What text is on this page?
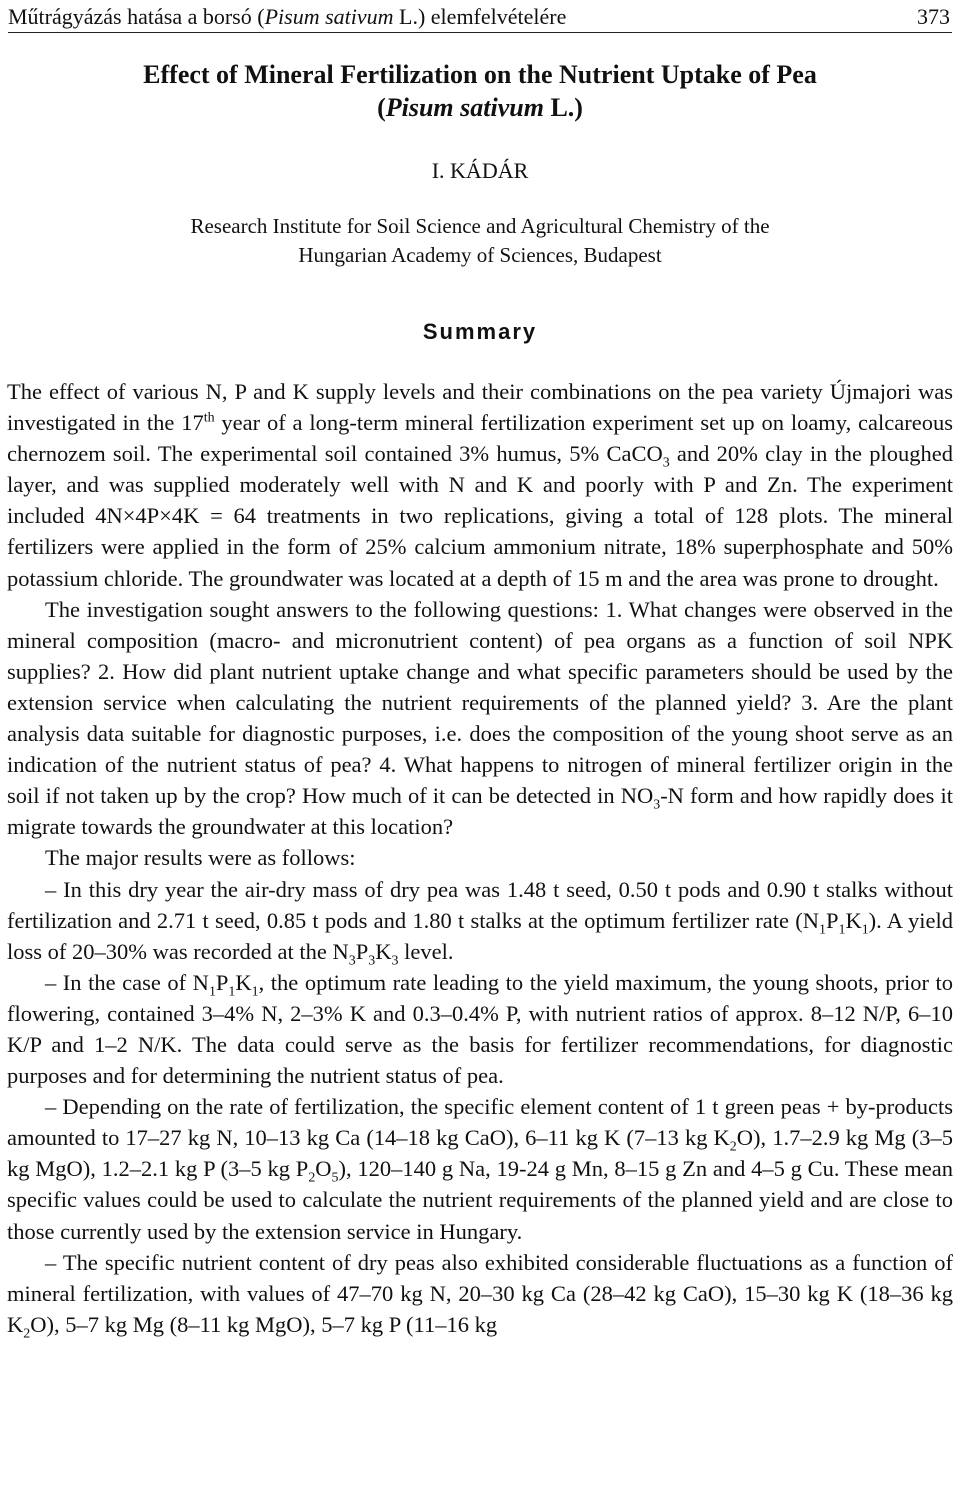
Műtrágyázás hatása a borsó (Pisum sativum L.) elemfelvételére	373
Effect of Mineral Fertilization on the Nutrient Uptake of Pea
(Pisum sativum L.)
I. KÁDÁR
Research Institute for Soil Science and Agricultural Chemistry of the
Hungarian Academy of Sciences, Budapest
Summary

The effect of various N, P and K supply levels and their combinations on the pea variety Újmajori was investigated in the 17th year of a long-term mineral fertilization experiment set up on loamy, calcareous chernozem soil. The experimental soil contained 3% humus, 5% CaCO$_3$ and 20% clay in the ploughed layer, and was supplied moderately well with N and K and poorly with P and Zn. The experiment included 4N×4P×4K = 64 treatments in two replications, giving a total of 128 plots. The mineral fertilizers were applied in the form of 25% calcium ammonium nitrate, 18% superphosphate and 50% potassium chloride. The groundwater was located at a depth of 15 m and the area was prone to drought.

The investigation sought answers to the following questions: 1. What changes were observed in the mineral composition (macro- and micronutrient content) of pea organs as a function of soil NPK supplies? 2. How did plant nutrient uptake change and what specific parameters should be used by the extension service when calculating the nutrient requirements of the planned yield? 3. Are the plant analysis data suitable for diagnostic purposes, i.e. does the composition of the young shoot serve as an indication of the nutrient status of pea? 4. What happens to nitrogen of mineral fertilizer origin in the soil if not taken up by the crop? How much of it can be detected in $NO_3-N$ form and how rapidly does it migrate towards the groundwater at this location?

The major results were as follows:

– In this dry year the air-dry mass of dry pea was 1.48 t seed, 0.50 t pods and 0.90 t stalks without fertilization and 2.71 t seed, 0.85 t pods and 1.80 t stalks at the optimum fertilizer rate $(N_1P_1K_1)$. A yield loss of 20–30% was recorded at the $N_3P_3K_3$ level.

– In the case of $N_1P_1K_1$, the optimum rate leading to the yield maximum, the young shoots, prior to flowering, contained 3–4% N, 2–3% K and 0.3–0.4% P, with nutrient ratios of approx. 8–12 N/P, 6–10 K/P and 1–2 N/K. The data could serve as the basis for fertilizer recommendations, for diagnostic purposes and for determining the nutrient status of pea.

– Depending on the rate of fertilization, the specific element content of 1 t green peas + by-products amounted to 17–27 kg N, 10–13 kg Ca (14–18 kg CaO), 6–11 kg K (7–13 kg $K_2O$), 1.7–2.9 kg Mg (3–5 kg MgO), 1.2–2.1 kg P (3–5 kg $P_2O_5$), 120–140 g Na, 19-24 g Mn, 8–15 g Zn and 4–5 g Cu. These mean specific values could be used to calculate the nutrient requirements of the planned yield and are close to those currently used by the extension service in Hungary.

– The specific nutrient content of dry peas also exhibited considerable fluctuations as a function of mineral fertilization, with values of 47–70 kg N, 20–30 kg Ca (28–42 kg CaO), 15–30 kg K (18–36 kg $K_2O$), 5–7 kg Mg (8–11 kg MgO), 5–7 kg P (11–16 kg
